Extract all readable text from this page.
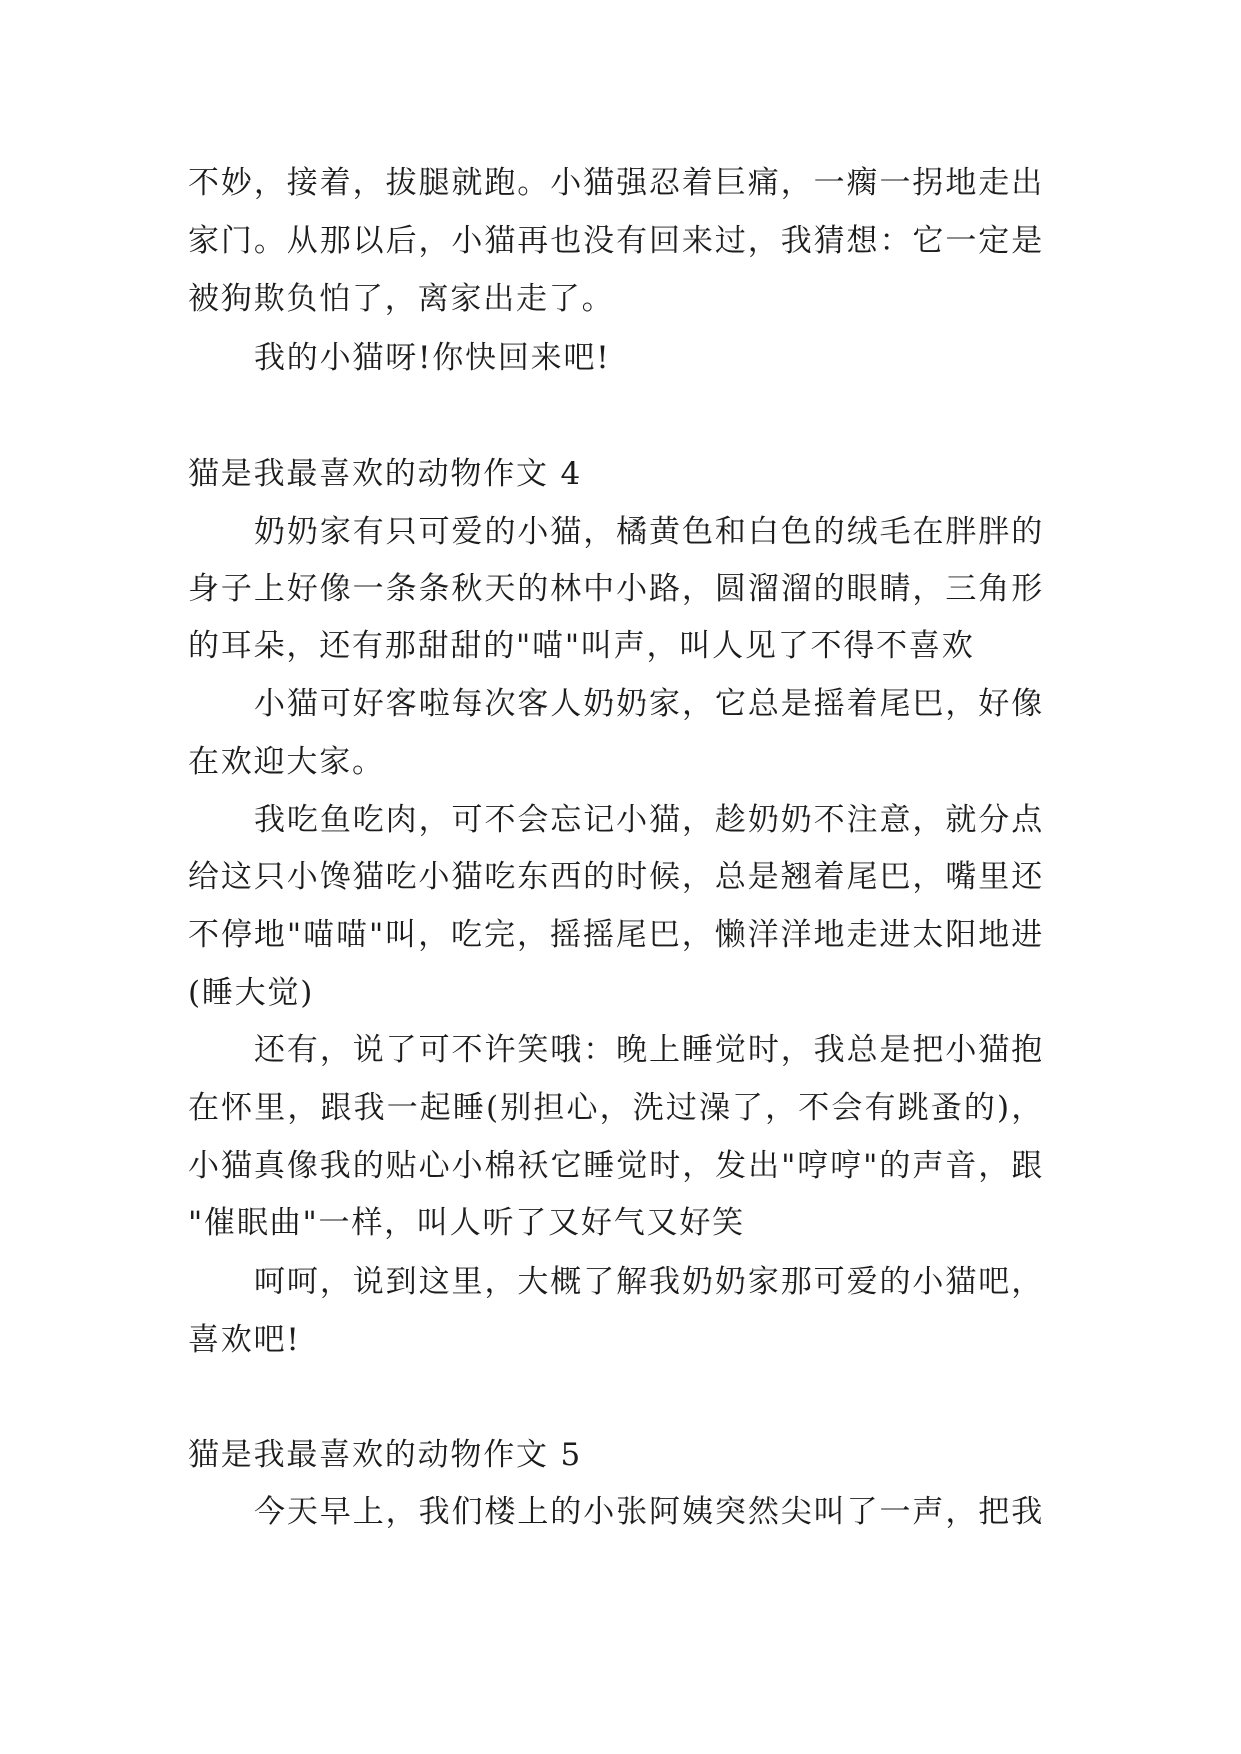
不妙，接着，拔腿就跑。小猫强忍着巨痛，一瘸一拐地走出
家门。从那以后，小猫再也没有回来过，我猜想：它一定是
被狗欺负怕了，离家出走了。
我的小猫呀!你快回来吧!
猫是我最喜欢的动物作文 4
奶奶家有只可爱的小猫，橘黄色和白色的绒毛在胖胖的
身子上好像一条条秋天的林中小路，圆溜溜的眼睛，三角形
的耳朵，还有那甜甜的"喵"叫声，叫人见了不得不喜欢
小猫可好客啦每次客人奶奶家，它总是摇着尾巴，好像
在欢迎大家。
我吃鱼吃肉，可不会忘记小猫，趁奶奶不注意，就分点
给这只小馋猫吃小猫吃东西的时候，总是翘着尾巴，嘴里还
不停地"喵喵"叫，吃完，摇摇尾巴，懒洋洋地走进太阳地进
(睡大觉)
还有，说了可不许笑哦：晚上睡觉时，我总是把小猫抱
在怀里，跟我一起睡(别担心，洗过澡了，不会有跳蚤的)，
小猫真像我的贴心小棉袄它睡觉时，发出"哼哼"的声音，跟
"催眠曲"一样，叫人听了又好气又好笑
呵呵，说到这里，大概了解我奶奶家那可爱的小猫吧，
喜欢吧!
猫是我最喜欢的动物作文 5
今天早上，我们楼上的小张阿姨突然尖叫了一声，把我
